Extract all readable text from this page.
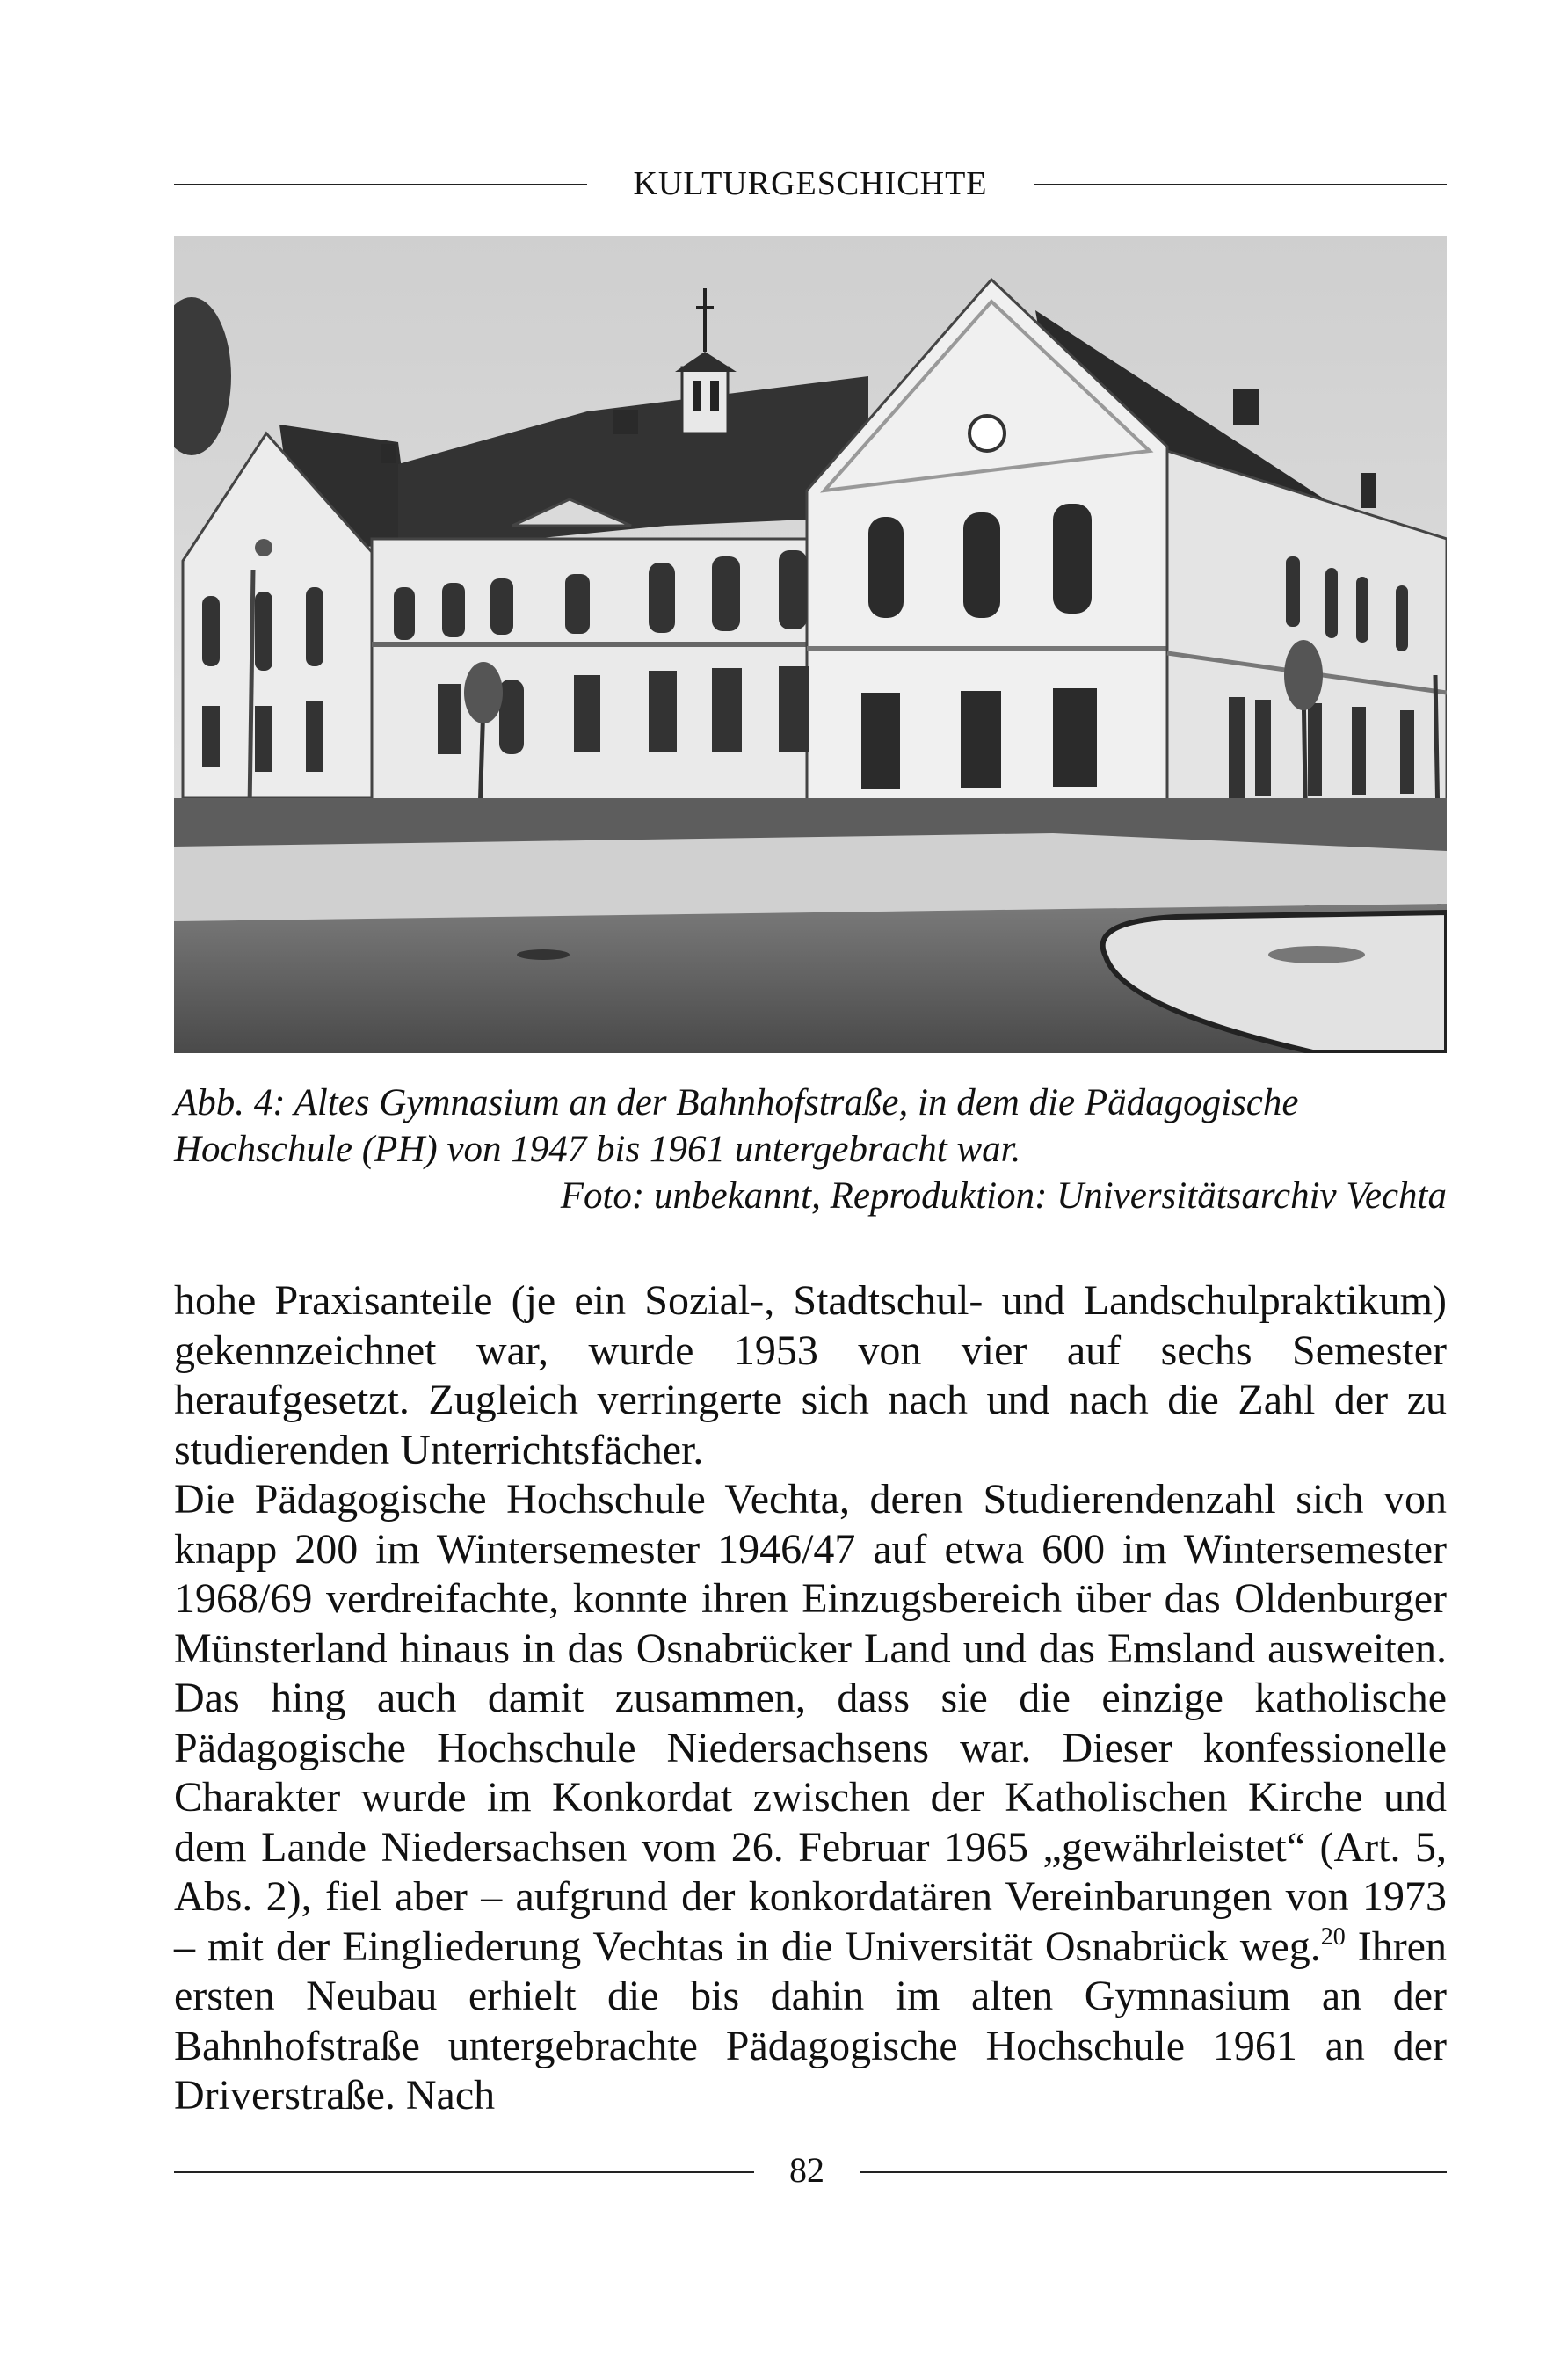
KULTURGESCHICHTE
Abb. 4: Altes Gymnasium an der Bahnhofstraße, in dem die Pädagogische
Hochschule (PH) von 1947 bis 1961 untergebracht war.
Foto: unbekannt, Reproduktion: Universitätsarchiv Vechta

hohe Praxisanteile (je ein Sozial-, Stadtschul- und Landschulpraktikum) gekennzeichnet war, wurde 1953 von vier auf sechs Semester heraufgesetzt. Zugleich verringerte sich nach und nach die Zahl der zu studierenden Unterrichtsfächer.

Die Pädagogische Hochschule Vechta, deren Studierendenzahl sich von knapp 200 im Wintersemester 1946/47 auf etwa 600 im Wintersemester 1968/69 verdreifachte, konnte ihren Einzugsbereich über das Oldenburger Münsterland hinaus in das Osnabrücker Land und das Emsland ausweiten. Das hing auch damit zusammen, dass sie die einzige katholische Pädagogische Hochschule Niedersachsens war. Dieser konfessionelle Charakter wurde im Konkordat zwischen der Katholischen Kirche und dem Lande Niedersachsen vom 26. Februar 1965 „gewährleistet“ (Art. 5, Abs. 2), fiel aber – aufgrund der konkordatären Vereinbarungen von 1973 – mit der Eingliederung Vechtas in die Universität Osnabrück weg.$^{20}$ Ihren ersten Neubau erhielt die bis dahin im alten Gymnasium an der Bahnhofstraße untergebrachte Pädagogische Hochschule 1961 an der Driverstraße. Nach

82
